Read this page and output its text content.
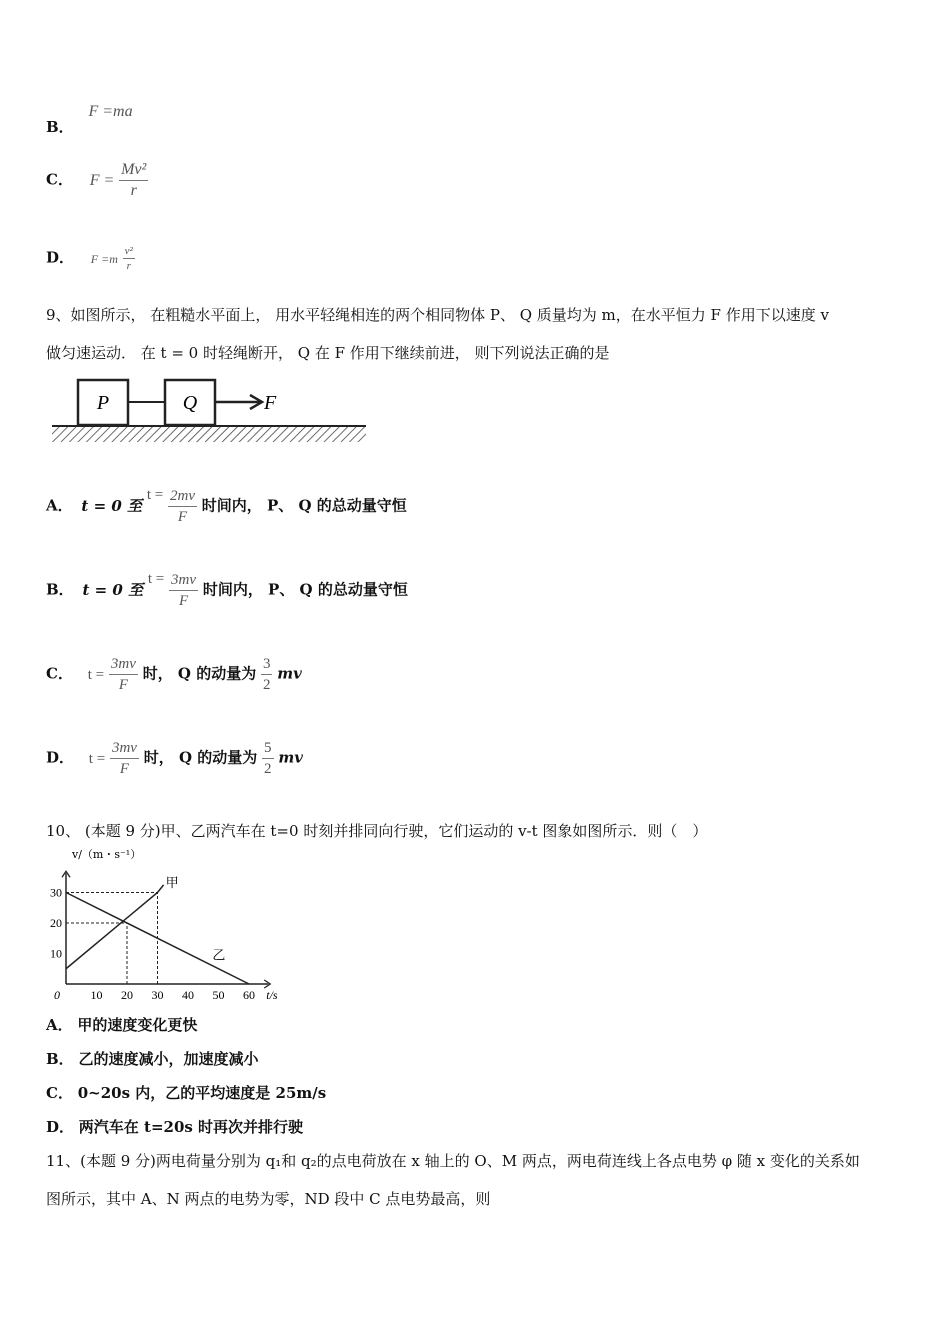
B． F =ma
C． $F = \frac{\text{Mv²}}{r}$
D． $F =m \frac{\text{v²}}{r}$
9、如图所示， 在粗糙水平面上， 用水平轻绳相连的两个相同物体 P、 Q 质量均为 m，在水平恒力 F 作用下以速度 v
做匀速运动． 在 t = 0 时轻绳断开， Q 在 F 作用下继续前进， 则下列说法正确的是
P	Q	F
A． t = 0 至 $t = \frac{2mv}{F}$ 时间内， P、 Q 的总动量守恒
B． t = 0 至 $t = \frac{3mv}{F}$ 时间内， P、 Q 的总动量守恒
C． $t = \frac{3mv}{F}$ 时， Q 的动量为 $\frac{3}{2}$ mv
D． $t = \frac{3mv}{F}$ 时， Q 的动量为 $\frac{5}{2}$ mv
10、 (本题 9 分)甲、乙两汽车在 t=0 时刻并排同向行驶，它们运动的 v-t 图象如图所示．则（　）
甲
乙
10 20 30 40 50 60
10
20
30
0	t/s
v/（m・s⁻¹）
A． 甲的速度变化更快
B． 乙的速度减小，加速度减小
C． 0~20s 内，乙的平均速度是 25m/s
D． 两汽车在 t=20s 时再次并排行驶
11、(本题 9 分)两电荷量分别为 q₁和 q₂的点电荷放在 x 轴上的 O、M 两点，两电荷连线上各点电势 φ 随 x 变化的关系如
图所示，其中 A、N 两点的电势为零，ND 段中 C 点电势最高，则
